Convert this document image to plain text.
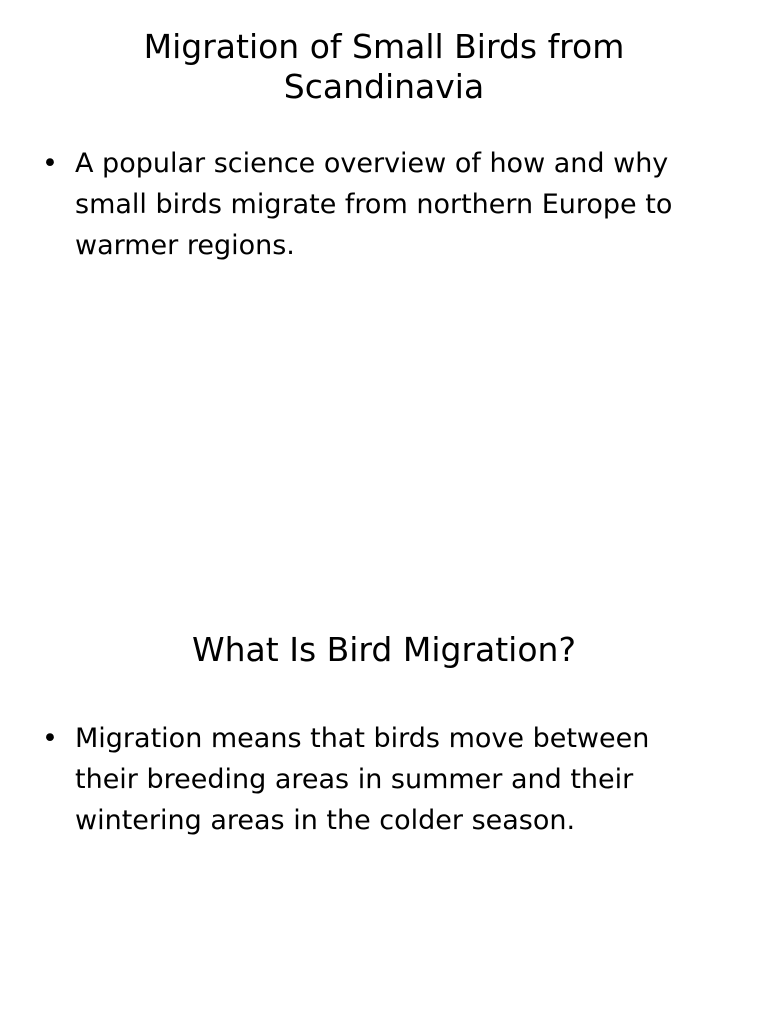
Migration of Small Birds from Scandinavia
• A popular science overview of how and why small birds migrate from northern Europe to warmer regions.
What Is Bird Migration?
• Migration means that birds move between their breeding areas in summer and their wintering areas in the colder season.
